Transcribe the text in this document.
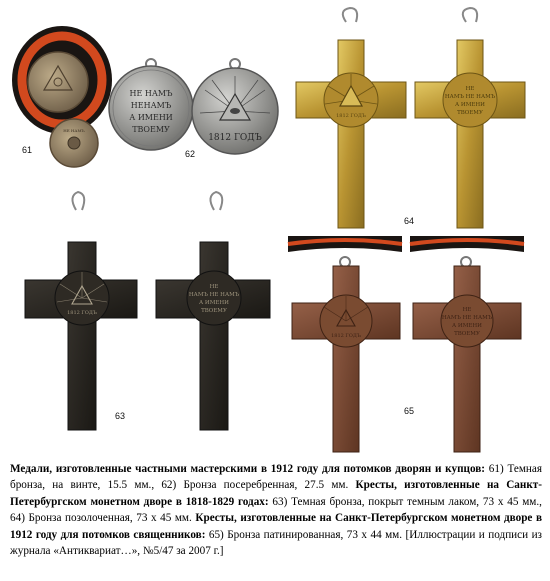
НЕ НАМЪ
61
НЕ НАМЪ
НЕНАМЪ
А ИМЕНИ
ТВОЕМУ
1812 ГОДЪ
62
1812 ГОДЪ
НЕ
НАМЪ НЕ НАМЪ
А ИМЕНИ
ТВОЕМУ
64
1812 ГОДЪ
НЕ
НАМЪ НЕ НАМЪ
А ИМЕНИ
ТВОЕМУ
63
1812 ГОДЪ
НЕ
НАМЪ НЕ НАМЪ
А ИМЕНИ
ТВОЕМУ
65
Медали, изготовленные частными мастерскими в 1912 году для потомков дворян и купцов: 61) Темная бронза, на винте, 15.5 мм., 62) Бронза посеребренная, 27.5 мм. Кресты, изготовленные на Санкт-Петербургском монетном дворе в 1818-1829 годах: 63) Темная бронза, покрыт темным лаком, 73 х 45 мм., 64) Бронза позолоченная, 73 х 45 мм. Кресты, изготовленные на Санкт-Петербургском монетном дворе в 1912 году для потомков священников: 65) Бронза патинированная, 73 х 44 мм. [Иллюстрации и подписи из журнала «Антиквариат…», №5/47 за 2007 г.]
